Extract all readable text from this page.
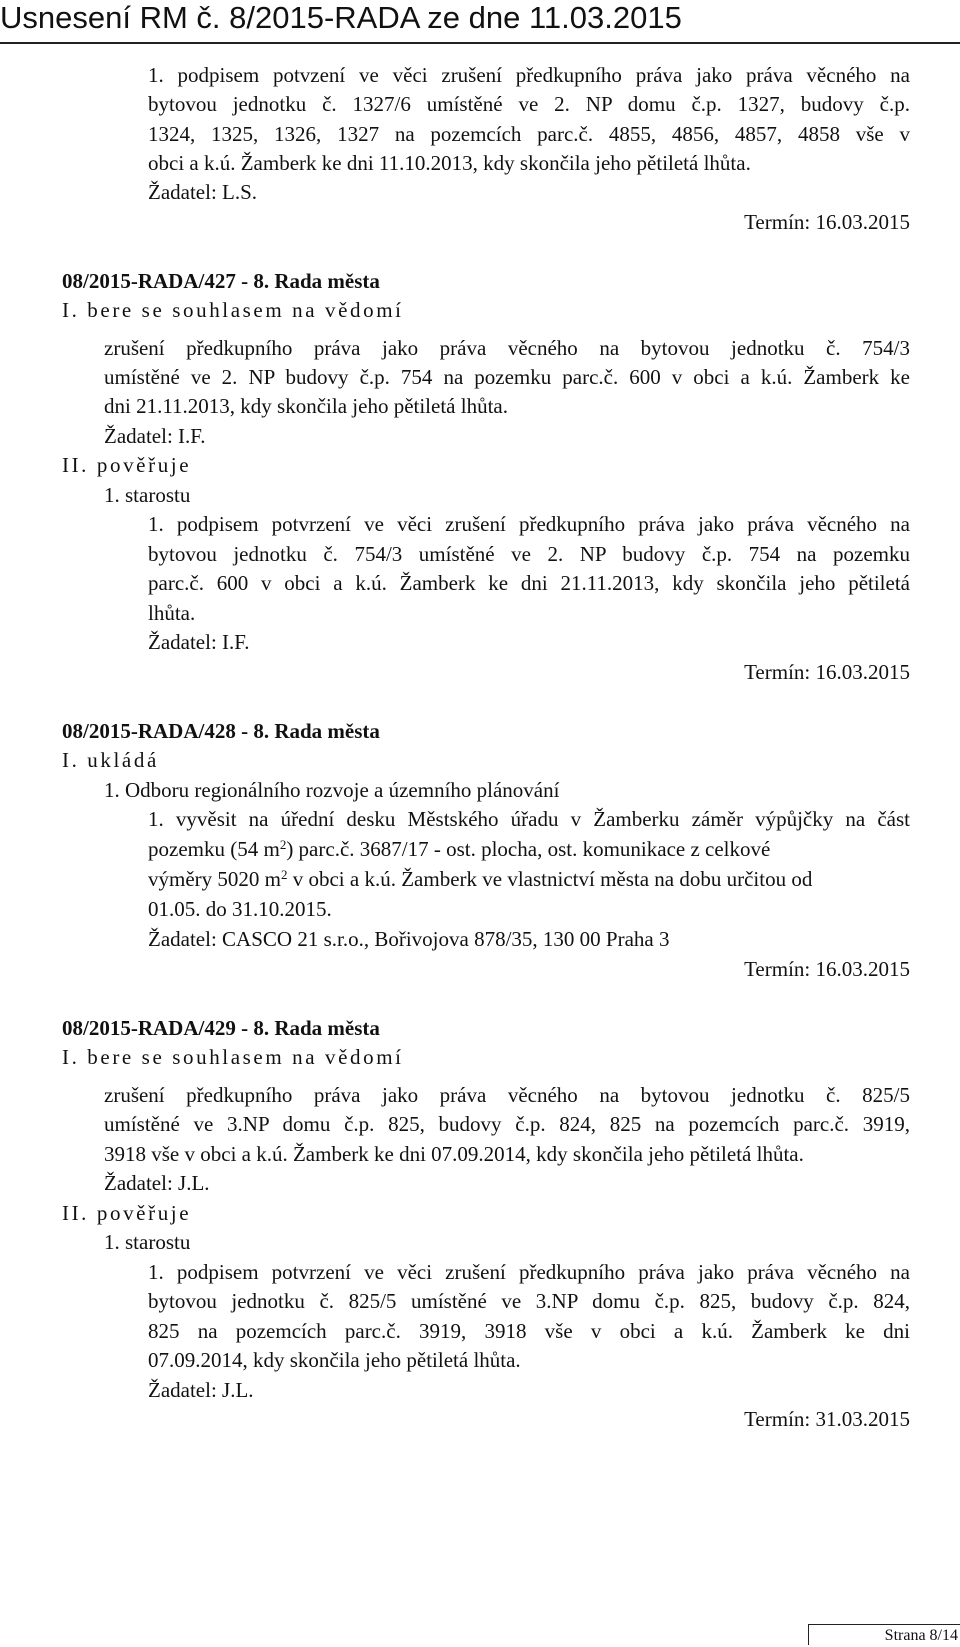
Usnesení RM č. 8/2015-RADA ze dne 11.03.2015
1. podpisem potvzení ve věci zrušení předkupního práva jako práva věcného na
bytovou jednotku č. 1327/6 umístěné ve 2. NP domu č.p. 1327, budovy č.p.
1324, 1325, 1326, 1327 na pozemcích parc.č. 4855, 4856, 4857, 4858 vše v
obci a k.ú. Žamberk ke dni 11.10.2013, kdy skončila jeho pětiletá lhůta.
Žadatel: L.S.
Termín: 16.03.2015
08/2015-RADA/427 - 8. Rada města
I. bere se souhlasem na vědomí
zrušení předkupního práva jako práva věcného na bytovou jednotku č. 754/3
umístěné ve 2. NP budovy č.p. 754 na pozemku parc.č. 600 v obci a k.ú. Žamberk ke
dni 21.11.2013, kdy skončila jeho pětiletá lhůta.
Žadatel: I.F.
II. pověřuje
1. starostu
1. podpisem potvrzení ve věci zrušení předkupního práva jako práva věcného na
bytovou jednotku č. 754/3 umístěné ve 2. NP budovy č.p. 754 na pozemku
parc.č. 600 v obci a k.ú. Žamberk ke dni 21.11.2013, kdy skončila jeho pětiletá
lhůta.
Žadatel: I.F.
Termín: 16.03.2015
08/2015-RADA/428 - 8. Rada města
I. ukládá
1. Odboru regionálního rozvoje a územního plánování
1. vyvěsit na úřední desku Městského úřadu v Žamberku záměr výpůjčky na část
pozemku (54 $m^2$) parc.č. 3687/17 - ost. plocha, ost. komunikace z celkové
výměry 5020 $m^2$ v obci a k.ú. Žamberk ve vlastnictví města na dobu určitou od
01.05. do 31.10.2015.
Žadatel: CASCO 21 s.r.o., Bořivojova 878/35, 130 00 Praha 3
Termín: 16.03.2015
08/2015-RADA/429 - 8. Rada města
I. bere se souhlasem na vědomí
zrušení předkupního práva jako práva věcného na bytovou jednotku č. 825/5
umístěné ve 3.NP domu č.p. 825, budovy č.p. 824, 825 na pozemcích parc.č. 3919,
3918 vše v obci a k.ú. Žamberk ke dni 07.09.2014, kdy skončila jeho pětiletá lhůta.
Žadatel: J.L.
II. pověřuje
1. starostu
1. podpisem potvrzení ve věci zrušení předkupního práva jako práva věcného na
bytovou jednotku č. 825/5 umístěné ve 3.NP domu č.p. 825, budovy č.p. 824,
825 na pozemcích parc.č. 3919, 3918 vše v obci a k.ú. Žamberk ke dni
07.09.2014, kdy skončila jeho pětiletá lhůta.
Žadatel: J.L.
Termín: 31.03.2015
Strana 8/14
